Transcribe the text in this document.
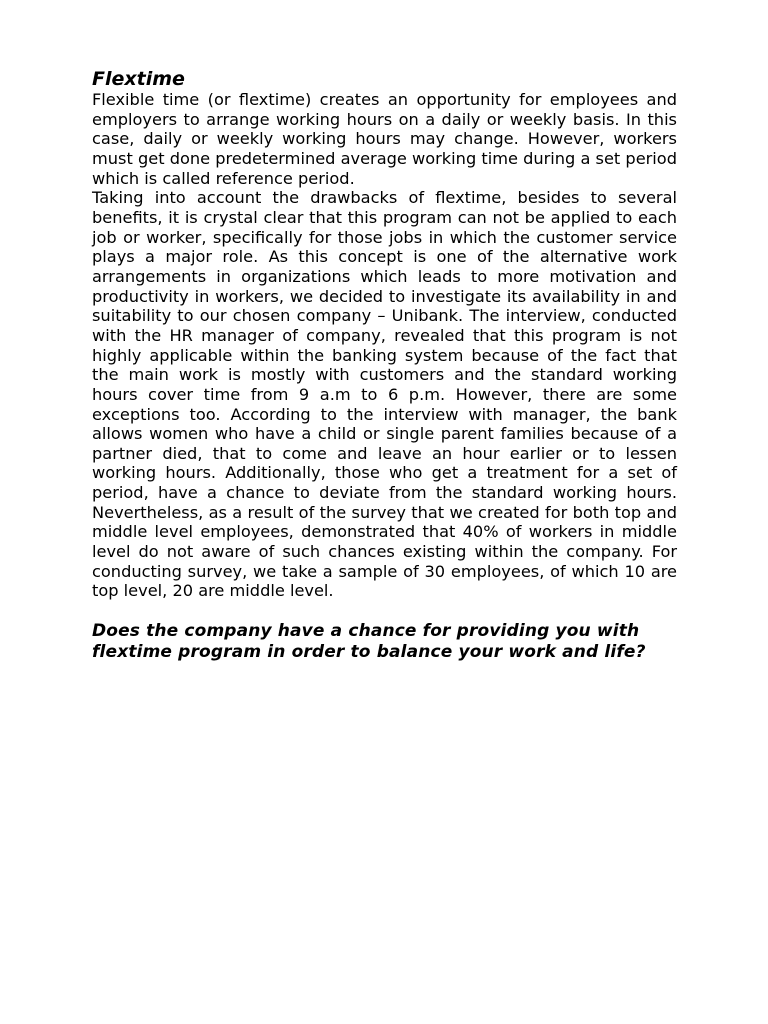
Flextime

Flexible time (or flextime) creates an opportunity for employees and employers to arrange working hours on a daily or weekly basis. In this case, daily or weekly working hours may change. However, workers must get done predetermined average working time during a set period which is called reference period.

Taking into account the drawbacks of flextime, besides to several benefits, it is crystal clear that this program can not be applied to each job or worker, specifically for those jobs in which the customer service plays a major role. As this concept is one of the alternative work arrangements in organizations which leads to more motivation and productivity in workers, we decided to investigate its availability in and suitability to our chosen company – Unibank. The interview, conducted with the HR manager of company, revealed that this program is not highly applicable within the banking system because of the fact that the main work is mostly with customers and the standard working hours cover time from 9 a.m to 6 p.m. However, there are some exceptions too. According to the interview with manager, the bank allows women who have a child or single parent families because of a partner died, that to come and leave an hour earlier or to lessen working hours. Additionally, those who get a treatment for a set of period, have a chance to deviate from the standard working hours. Nevertheless, as a result of the survey that we created for both top and middle level employees, demonstrated that 40% of workers in middle level do not aware of such chances existing within the company. For conducting survey, we take a sample of 30 employees, of which 10 are top level, 20 are middle level.

Does the company have a chance for providing you with flextime program in order to balance your work and life?
